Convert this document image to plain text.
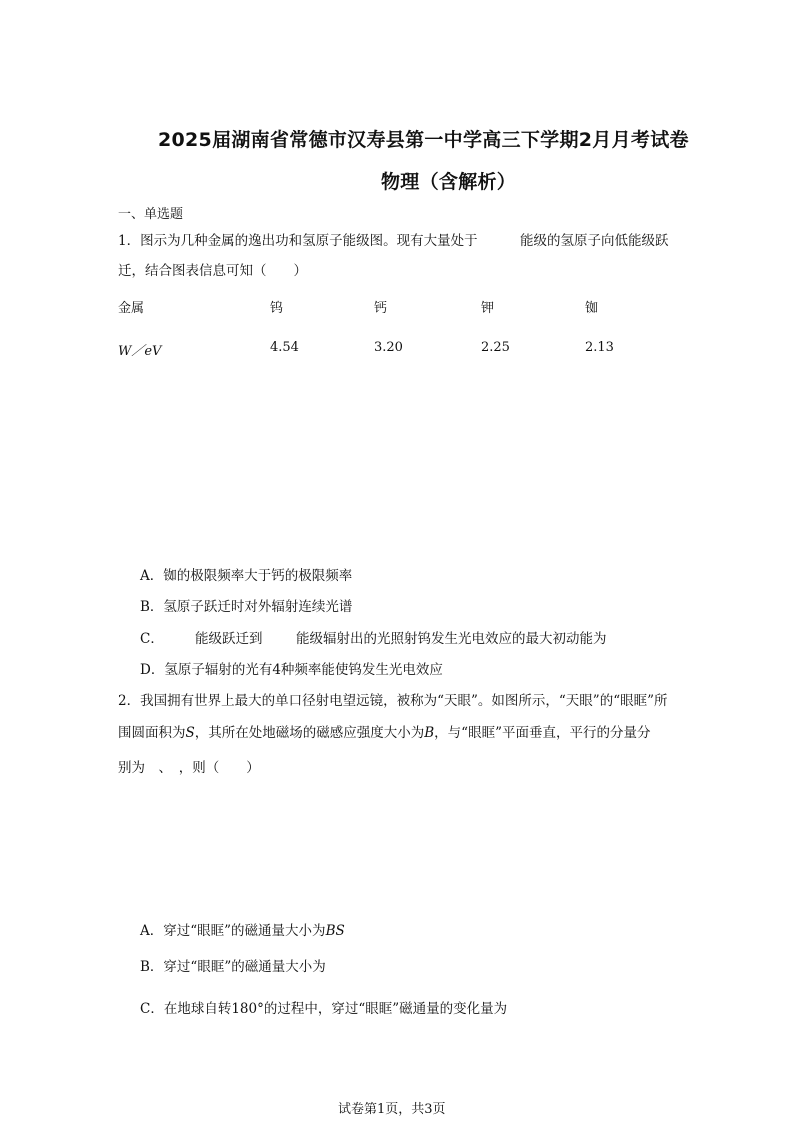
2025届湖南省常德市汉寿县第一中学高三下学期2月月考试卷
物理（含解析）
一、单选题
1．图示为几种金属的逸出功和氢原子能级图。现有大量处于	能级的氢原子向低能级跃
迁，结合图表信息可知（　　）
金属	钨	钙	钾	铷
W／eV	4.54	3.20	2.25	2.13
A．铷的极限频率大于钙的极限频率
B．氢原子跃迁时对外辐射连续光谱
C． 能级跃迁到 能级辐射出的光照射钨发生光电效应的最大初动能为
D．氢原子辐射的光有4种频率能使钨发生光电效应
2．我国拥有世界上最大的单口径射电望远镜，被称为“天眼”。如图所示，“天眼”的“眼眶”所
围圆面积为S，其所在处地磁场的磁感应强度大小为B，与“眼眶”平面垂直，平行的分量分
别为　、　，则（　　）
A．穿过“眼眶”的磁通量大小为BS
B．穿过“眼眶”的磁通量大小为
C．在地球自转180°的过程中，穿过“眼眶”磁通量的变化量为
试卷第1页，共3页
